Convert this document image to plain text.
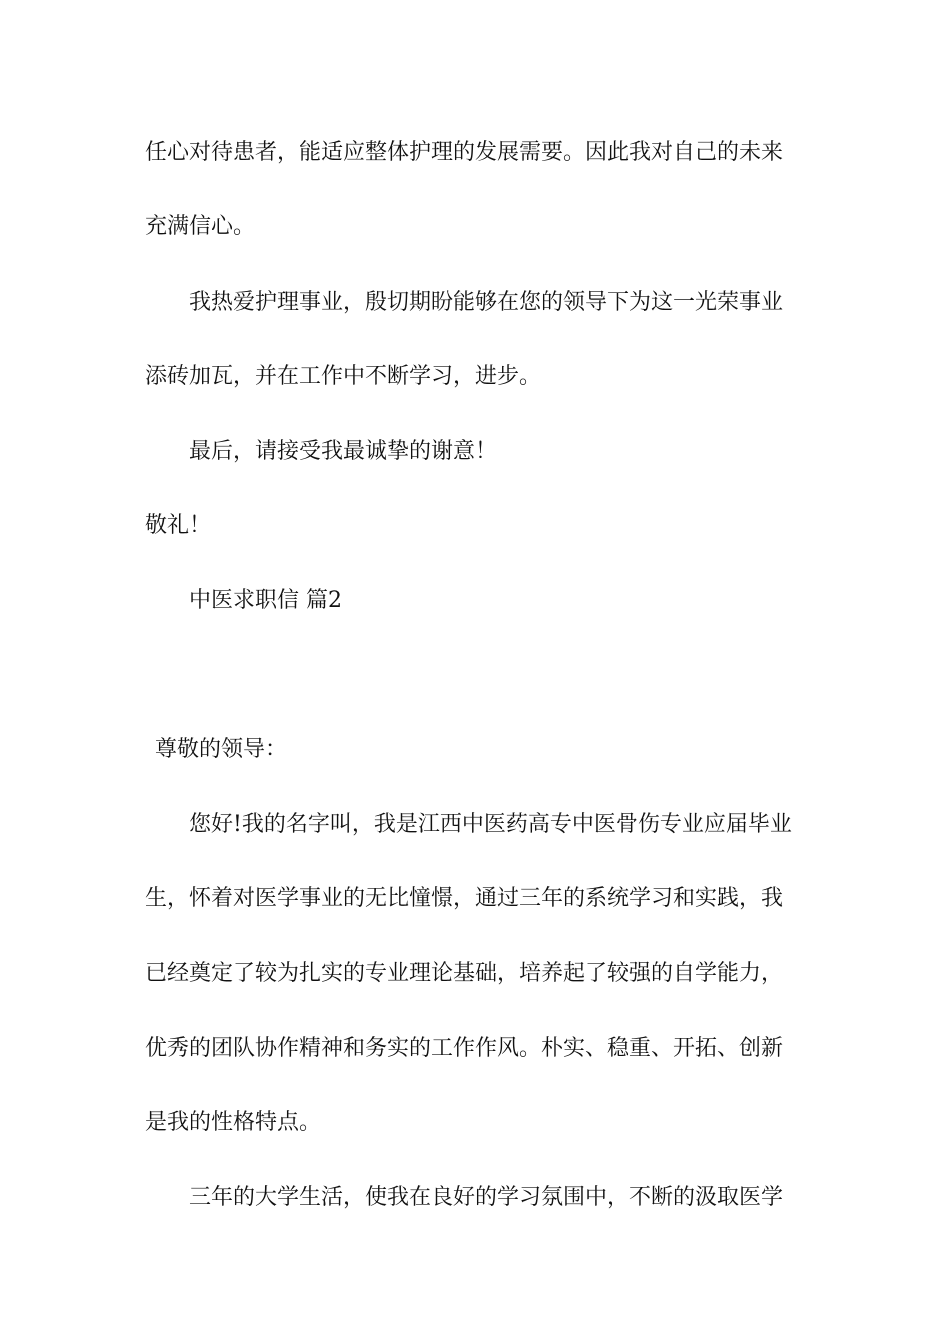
任心对待患者，能适应整体护理的发展需要。因此我对自己的未来
充满信心。
我热爱护理事业，殷切期盼能够在您的领导下为这一光荣事业
添砖加瓦，并在工作中不断学习，进步。
最后，请接受我最诚挚的谢意！
敬礼！
中医求职信 篇2
尊敬的领导：
您好!我的名字叫，我是江西中医药高专中医骨伤专业应届毕业
生，怀着对医学事业的无比憧憬，通过三年的系统学习和实践，我
已经奠定了较为扎实的专业理论基础，培养起了较强的自学能力，
优秀的团队协作精神和务实的工作作风。朴实、稳重、开拓、创新
是我的性格特点。
三年的大学生活，使我在良好的学习氛围中，不断的汲取医学
